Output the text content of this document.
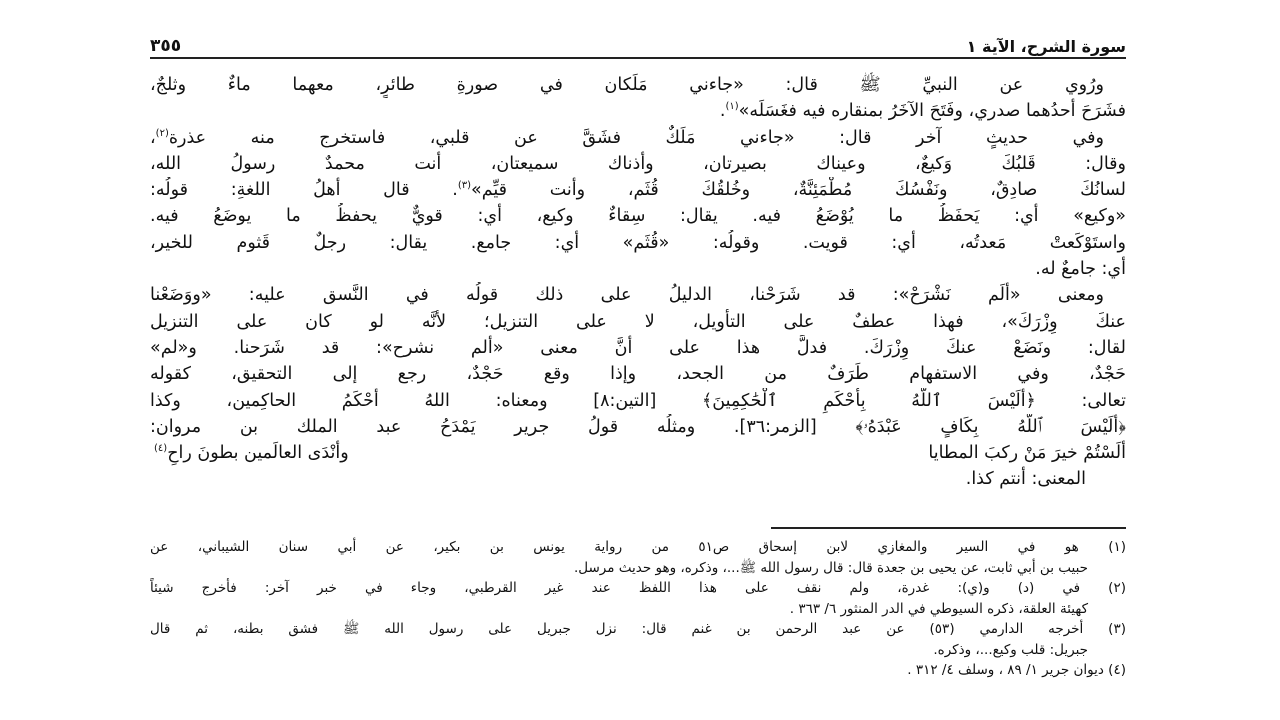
سورة الشرح، الآية ١
٣٥٥
ورُوي عن النبيِّ ﷺ قال: «جاءني مَلَكان في صورةِ طائرٍ، معهما ماءٌ وثلجٌ،
فشَرَحَ أحدُهما صدري، وفَتَحَ الآخَرُ بمنقاره فيه فغَسَلَه»$^{(١)}$.
وفي حديثٍ آخر قال: «جاءني مَلَكٌ فشَقَّ عن قلبي، فاستخرج منه عذرة$^{(٢)}$،
وقال: قَلبُكَ وَكيعٌ، وعيناك بصيرتان، وأُذناك سميعتان، أنت محمدٌ رسولُ الله،
لسانُكَ صادِقٌ، ونَفْسُكَ مُطْمَئِنَّةٌ، وخُلقُكَ قُثَم، وأنت قيِّم»$^{(٣)}$. قال أهلُ اللغةِ: قولُه:
«وكيع» أي: يَحفَظُ ما يُوْضَعُ فيه. يقال: سِقاءٌ وكيع، أي: قويٌّ يحفظُ ما يوضَعُ فيه.
واستَوْكَعتْ مَعدتُه، أي: قويت. وقولُه: «قُثَم» أي: جامع. يقال: رجلٌ قَثوم للخير،
أي: جامعٌ له.
ومعنى «أَلَم نَشْرَحْ»: قد شَرَحْنا، الدليلُ على ذلك قولُه في النَّسق عليه: «ووَضَعْنا
عنكَ وِزْرَكَ»، فهذا عطفٌ على التأويل، لا على التنزيل؛ لأنَّه لو كان على التنزيل
لقال: ونَضَعْ عنكَ وِزْرَكَ. فدلَّ هذا على أنَّ معنى «ألم نشرح»: قد شَرَحنا. و«لم»
حَجْدٌ، وفي الاستفهام طَرَفٌ من الجحد، وإذا وقع حَجْدٌ، رجع إلى التحقيق، كقوله
تعالى: ﴿أَلَيْسَ ٱللَّهُ بِأَحْكَمِ ٱلْحَٰكِمِينَ﴾ [التين:٨] ومعناه: اللهُ أَحْكَمُ الحاكِمين، وكذا
﴿أَلَيْسَ ٱللَّهُ بِكَافٍ عَبْدَهُۥ﴾ [الزمر:٣٦]. ومثلُه قولُ جرير يَمْدَحُ عبد الملك بن مروان:
أَلَسْتُمْ خيرَ مَنْ ركبَ المطايا
وأنْدَى العالَمين بطونَ راحِ$^{(٤)}$
المعنى: أنتم كذا.
(١) هو في السير والمغازي لابن إسحاق ص٥١ من رواية يونس بن بكير، عن أبي سنان الشيباني، عن
حبيب بن أبي ثابت، عن يحيى بن جعدة قال: قال رسول الله ﷺ...، وذكره، وهو حديث مرسل.
(٢) في (د) و(ي): غدرة، ولم نقف على هذا اللفظ عند غير القرطبي، وجاء في خبر آخر: فأخرج شيئاً
كهيئة العلقة، ذكره السيوطي في الدر المنثور ٦/ ٣٦٣ .
(٣) أخرجه الدارمي (٥٣) عن عبد الرحمن بن غنم قال: نزل جبريل على رسول الله ﷺ فشق بطنه، ثم قال
جبريل: قلب وكيع...، وذكره.
(٤) ديوان جرير ١/ ٨٩ ، وسلف ٤/ ٣١٢ .
